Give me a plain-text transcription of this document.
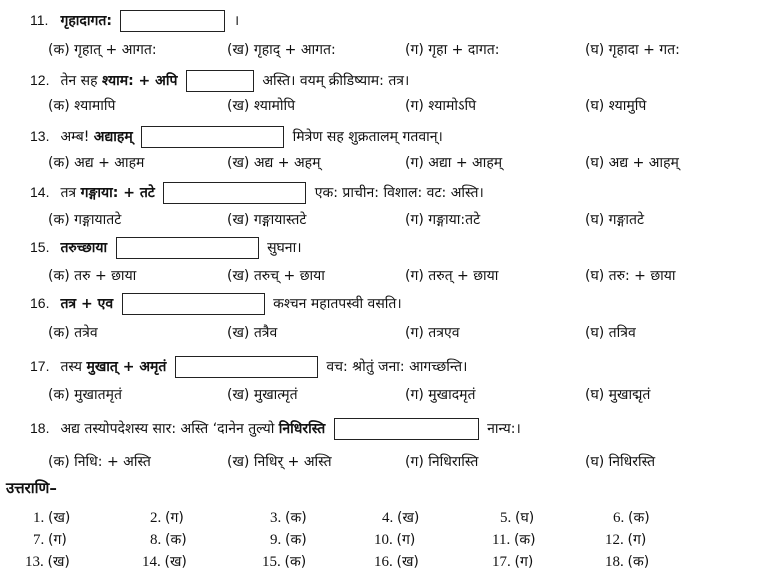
11. गृहादागत:	।
(क) गृहात् + आगत:	(ख) गृहाद् + आगत:	(ग) गृहा + दागत:	(घ) गृहादा + गत:
12. तेन सह श्याम: + अपि	अस्ति। वयम् क्रीडिष्याम: तत्र।
(क) श्यामापि	(ख) श्यामोपि	(ग) श्यामोऽपि	(घ) श्यामुपि
13. अम्ब! अद्याहम्	मित्रेण सह शुक्रतालम् गतवान्।
(क) अद्य + आहम	(ख) अद्य + अहम्	(ग) अद्या + आहम्	(घ) अद्य + आहम्
14. तत्र गङ्गाया: + तटे	एक: प्राचीन: विशाल: वट: अस्ति।
(क) गङ्गायातटे	(ख) गङ्गायास्तटे	(ग) गङ्गाया:तटे	(घ) गङ्गातटे
15. तरुच्छाया	सुघना।
(क) तरु + छाया	(ख) तरुच् + छाया	(ग) तरुत् + छाया	(घ) तरु: + छाया
16. तत्र + एव	कश्चन महातपस्वी वसति।
(क) तत्रेव	(ख) तत्रैव	(ग) तत्रएव	(घ) तत्रिव
17. तस्य मुखात् + अमृतं	वच: श्रोतुं जना: आगच्छन्ति।
(क) मुखातमृतं	(ख) मुखात्मृतं	(ग) मुखादमृतं	(घ) मुखाद्मृतं
18. अद्य तस्योपदेशस्य सार: अस्ति ‘दानेन तुल्यो निधिरस्ति	नान्य:।
(क) निधि: + अस्ति	(ख) निधिर् + अस्ति	(ग) निधिरास्ति	(घ) निधिरस्ति
1. (ख)	2. (ग)	3. (क)	4. (ख)	5. (घ)	6. (क)
7. (ग)	8. (क)	9. (क)	10. (ग)	11. (क)	12. (ग)
13. (ख)	14. (ख)	15. (क)	16. (ख)	17. (ग)	18. (क)
उत्तराणि–
